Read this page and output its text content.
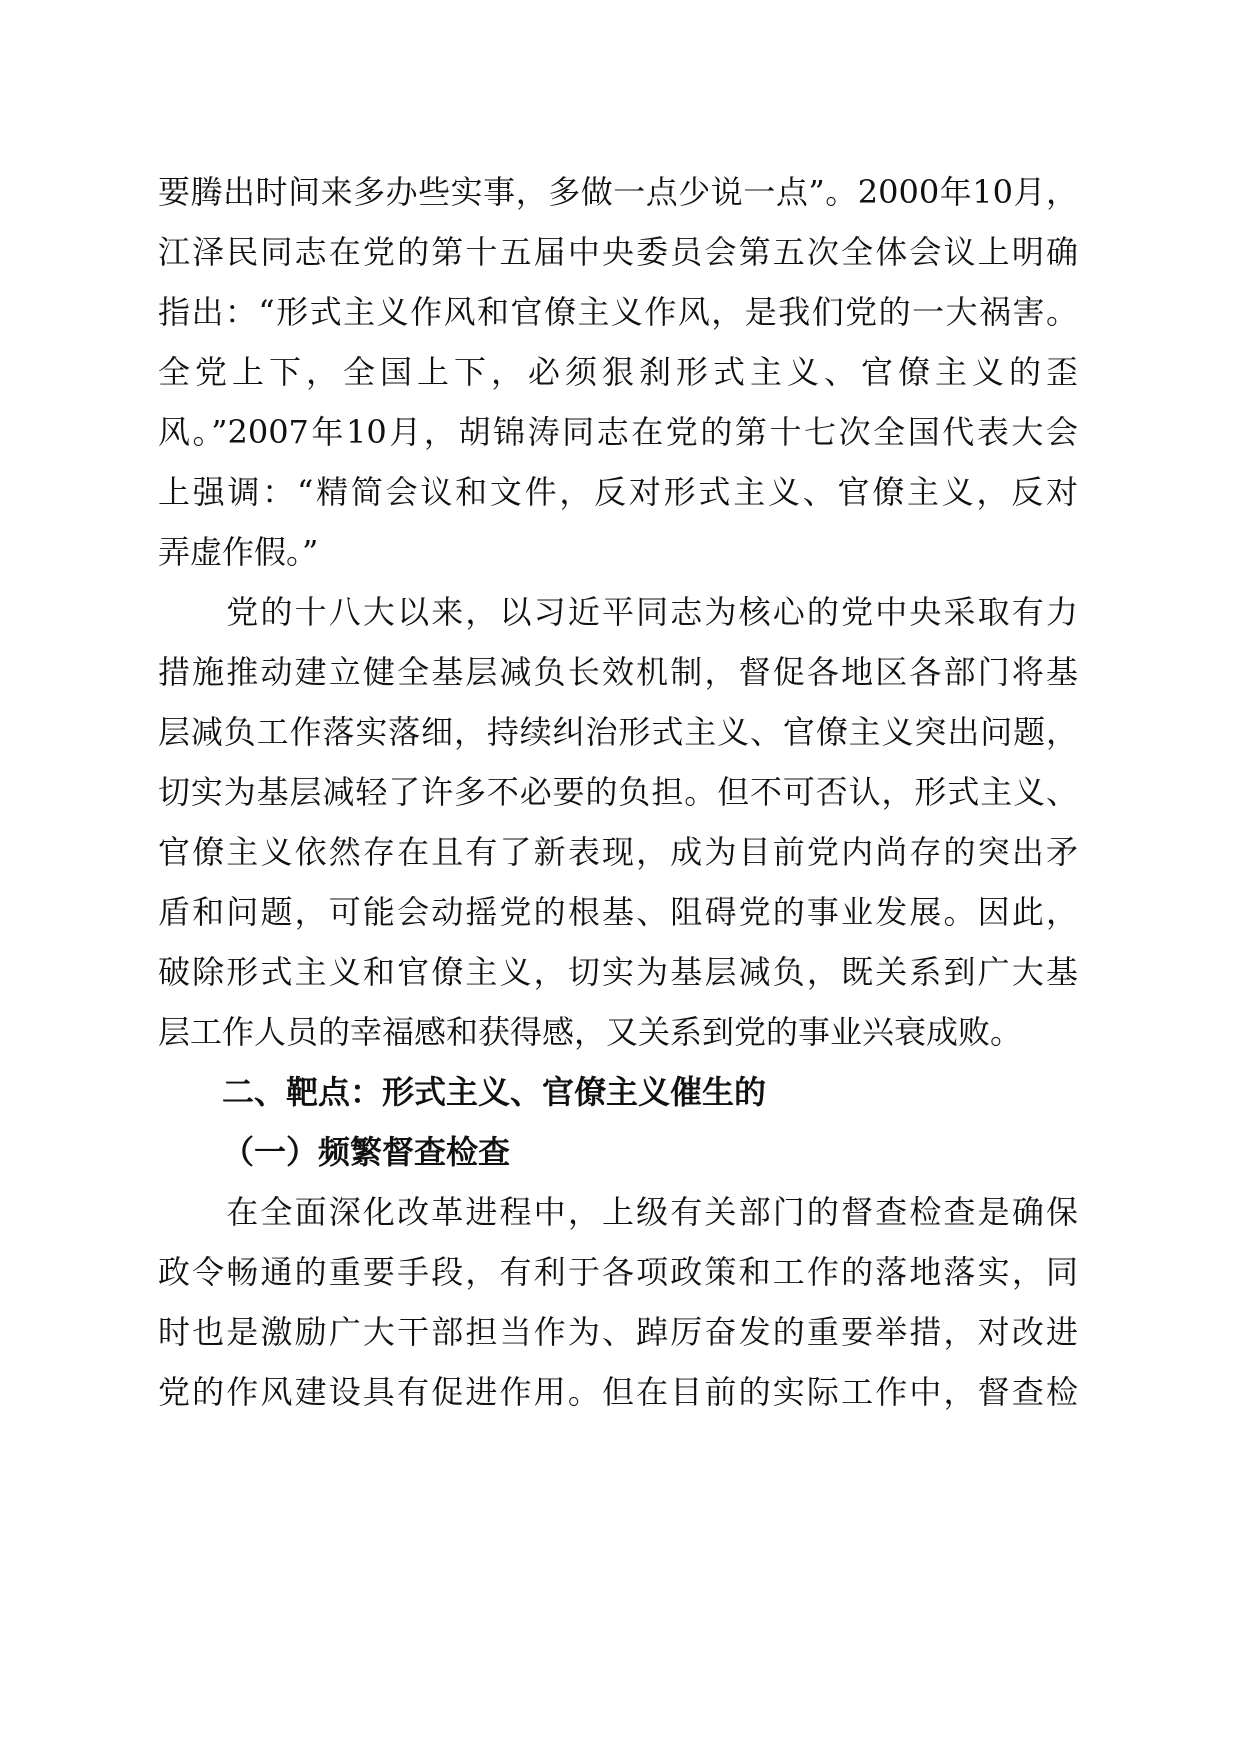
要腾出时间来多办些实事，多做一点少说一点”。2000年10月，
江泽民同志在党的第十五届中央委员会第五次全体会议上明确
指出：“形式主义作风和官僚主义作风，是我们党的一大祸害。
全党上下，全国上下，必须狠刹形式主义、官僚主义的歪
风。”2007年10月，胡锦涛同志在党的第十七次全国代表大会
上强调：“精简会议和文件，反对形式主义、官僚主义，反对
弄虚作假。”
　　党的十八大以来，以习近平同志为核心的党中央采取有力
措施推动建立健全基层减负长效机制，督促各地区各部门将基
层减负工作落实落细，持续纠治形式主义、官僚主义突出问题，
切实为基层减轻了许多不必要的负担。但不可否认，形式主义、
官僚主义依然存在且有了新表现，成为目前党内尚存的突出矛
盾和问题，可能会动摇党的根基、阻碍党的事业发展。因此，
破除形式主义和官僚主义，切实为基层减负，既关系到广大基
层工作人员的幸福感和获得感，又关系到党的事业兴衰成败。
二、靶点：形式主义、官僚主义催生的
（一）频繁督查检查
　　在全面深化改革进程中，上级有关部门的督查检查是确保
政令畅通的重要手段，有利于各项政策和工作的落地落实，同
时也是激励广大干部担当作为、踔厉奋发的重要举措，对改进
党的作风建设具有促进作用。但在目前的实际工作中，督查检
